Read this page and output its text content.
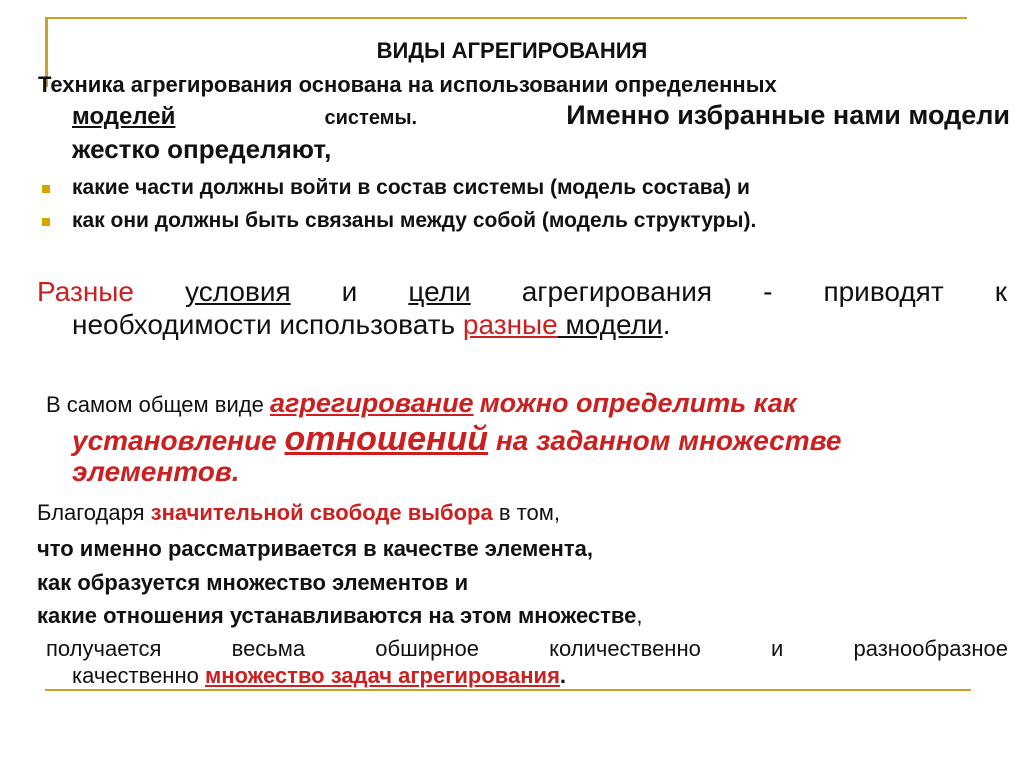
ВИДЫ АГРЕГИРОВАНИЯ
Техника агрегирования основана на использовании определенных
моделей	системы.	Именно избранные нами модели
жестко определяют,
какие части должны войти в состав системы (модель состава) и
как они должны быть связаны между собой (модель структуры).
Разные условия и цели агрегирования - приводят к
необходимости использовать разные модели.
В самом общем виде агрегирование можно определить как
установление отношений на заданном множестве
элементов.
Благодаря значительной свободе выбора в том,
что именно рассматривается в качестве элемента,
как образуется множество элементов и
какие отношения устанавливаются на этом множестве,
получается	весьма	обширное	количественно	и	разнообразное
качественно множество задач агрегирования.
